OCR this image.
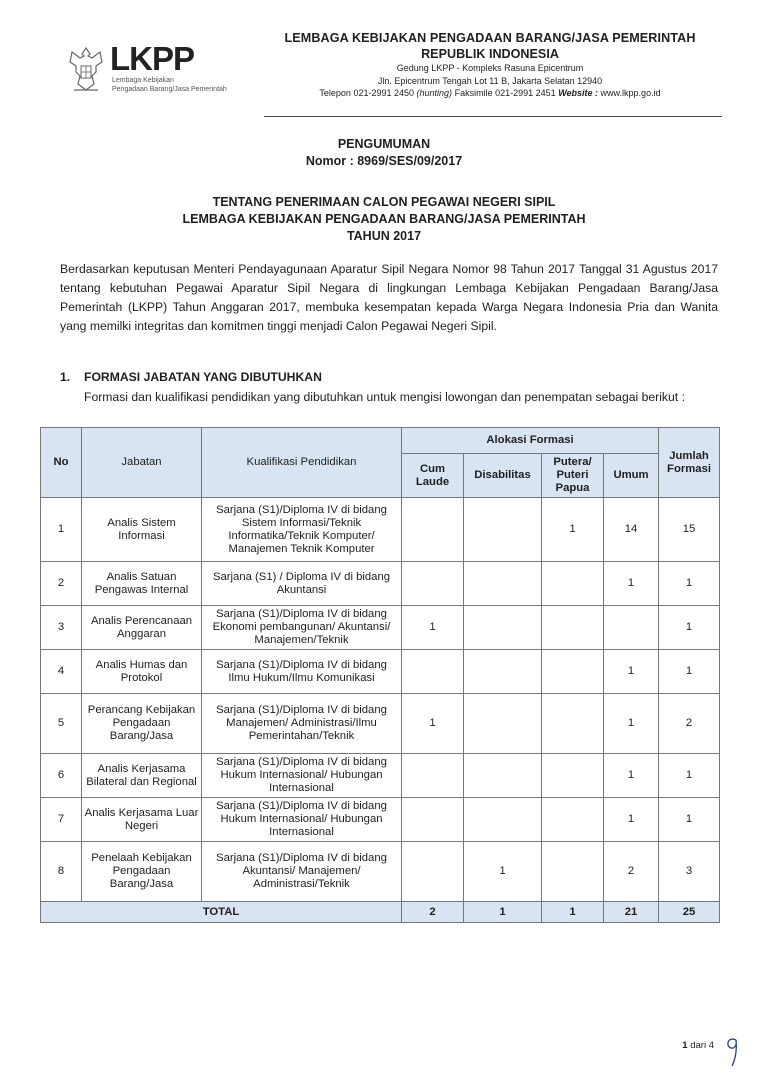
LKPP
Lembaga Kebijakan
Pengadaan Barang/Jasa Pemerintah
LEMBAGA KEBIJAKAN PENGADAAN BARANG/JASA PEMERINTAH
REPUBLIK INDONESIA
Gedung LKPP - Kompleks Rasuna Epicentrum
Jln. Epicentrum Tengah Lot 11 B, Jakarta Selatan 12940
Telepon 021-2991 2450 (hunting) Faksimile 021-2991 2451 Website : www.lkpp.go.id
PENGUMUMAN
Nomor : 8969/SES/09/2017
TENTANG PENERIMAAN CALON PEGAWAI NEGERI SIPIL
LEMBAGA KEBIJAKAN PENGADAAN BARANG/JASA PEMERINTAH
TAHUN 2017
Berdasarkan keputusan Menteri Pendayagunaan Aparatur Sipil Negara Nomor 98 Tahun 2017 Tanggal 31 Agustus 2017 tentang kebutuhan Pegawai Aparatur Sipil Negara di lingkungan Lembaga Kebijakan Pengadaan Barang/Jasa Pemerintah (LKPP) Tahun Anggaran 2017, membuka kesempatan kepada Warga Negara Indonesia Pria dan Wanita yang memilki integritas dan komitmen tinggi menjadi Calon Pegawai Negeri Sipil.
1. FORMASI JABATAN YANG DIBUTUHKAN
Formasi dan kualifikasi pendidikan yang dibutuhkan untuk mengisi lowongan dan penempatan sebagai berikut :
No	Jabatan	Kualifikasi Pendidikan	Alokasi Formasi				Jumlah Formasi
			Cum Laude	Disabilitas	Putera/ Puteri Papua	Umum	
1	Analis Sistem Informasi	Sarjana (S1)/Diploma IV di bidang Sistem Informasi/Teknik Informatika/Teknik Komputer/ Manajemen Teknik Komputer			1	14	15
2	Analis Satuan Pengawas Internal	Sarjana (S1) / Diploma IV di bidang Akuntansi				1	1
3	Analis Perencanaan Anggaran	Sarjana (S1)/Diploma IV di bidang Ekonomi pembangunan/ Akuntansi/ Manajemen/Teknik	1				1
4	Analis Humas dan Protokol	Sarjana (S1)/Diploma IV di bidang Ilmu Hukum/Ilmu Komunikasi				1	1
5	Perancang Kebijakan Pengadaan Barang/Jasa	Sarjana (S1)/Diploma IV di bidang Manajemen/ Administrasi/Ilmu Pemerintahan/Teknik	1			1	2
6	Analis Kerjasama Bilateral dan Regional	Sarjana (S1)/Diploma IV di bidang Hukum Internasional/ Hubungan Internasional				1	1
7	Analis Kerjasama Luar Negeri	Sarjana (S1)/Diploma IV di bidang Hukum Internasional/ Hubungan Internasional				1	1
8	Penelaah Kebijakan Pengadaan Barang/Jasa	Sarjana (S1)/Diploma IV di bidang Akuntansi/ Manajemen/ Administrasi/Teknik		1		2	3
TOTAL			2	1	1	21	25
1 dari 4
